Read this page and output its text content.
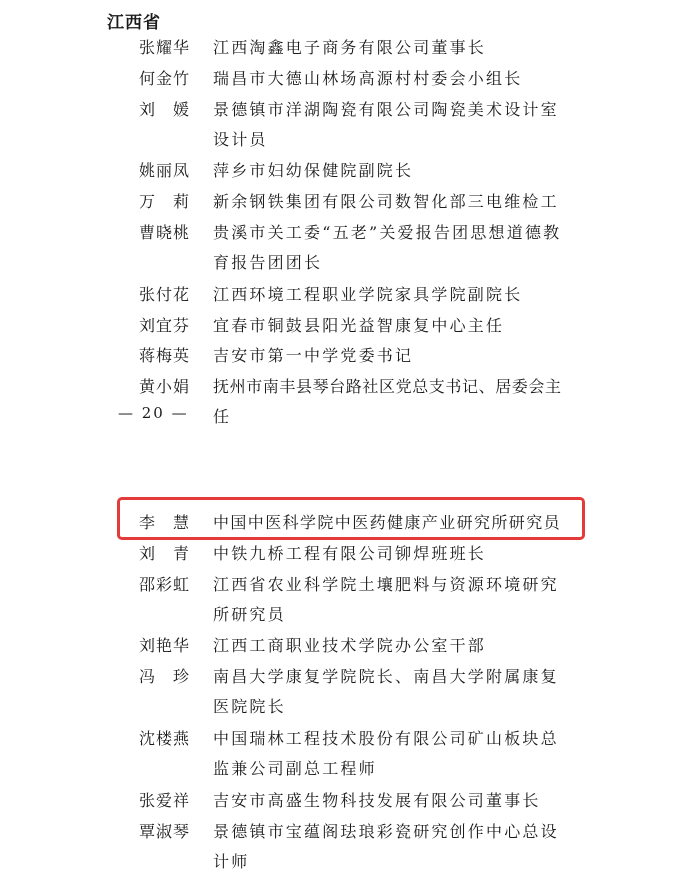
江西省
张耀华	江西淘鑫电子商务有限公司董事长
何金竹	瑞昌市大德山林场高源村村委会小组长
刘　媛	景德镇市洋湖陶瓷有限公司陶瓷美术设计室设计员
姚丽凤	萍乡市妇幼保健院副院长
万　莉	新余钢铁集团有限公司数智化部三电维检工
曹晓桃	贵溪市关工委“五老”关爱报告团思想道德教育报告团团长
张付花	江西环境工程职业学院家具学院副院长
刘宜芬	宜春市铜鼓县阳光益智康复中心主任
蒋梅英	吉安市第一中学党委书记
黄小娟	抚州市南丰县琴台路社区党总支书记、居委会主任
— 20 —
李　慧	中国中医科学院中医药健康产业研究所研究员
刘　青	中铁九桥工程有限公司铆焊班班长
邵彩虹	江西省农业科学院土壤肥料与资源环境研究所研究员
刘艳华	江西工商职业技术学院办公室干部
冯　珍	南昌大学康复学院院长、南昌大学附属康复医院院长
沈楼燕	中国瑞林工程技术股份有限公司矿山板块总监兼公司副总工程师
张爱祥	吉安市高盛生物科技发展有限公司董事长
覃淑琴	景德镇市宝蕴阁珐琅彩瓷研究创作中心总设计师
